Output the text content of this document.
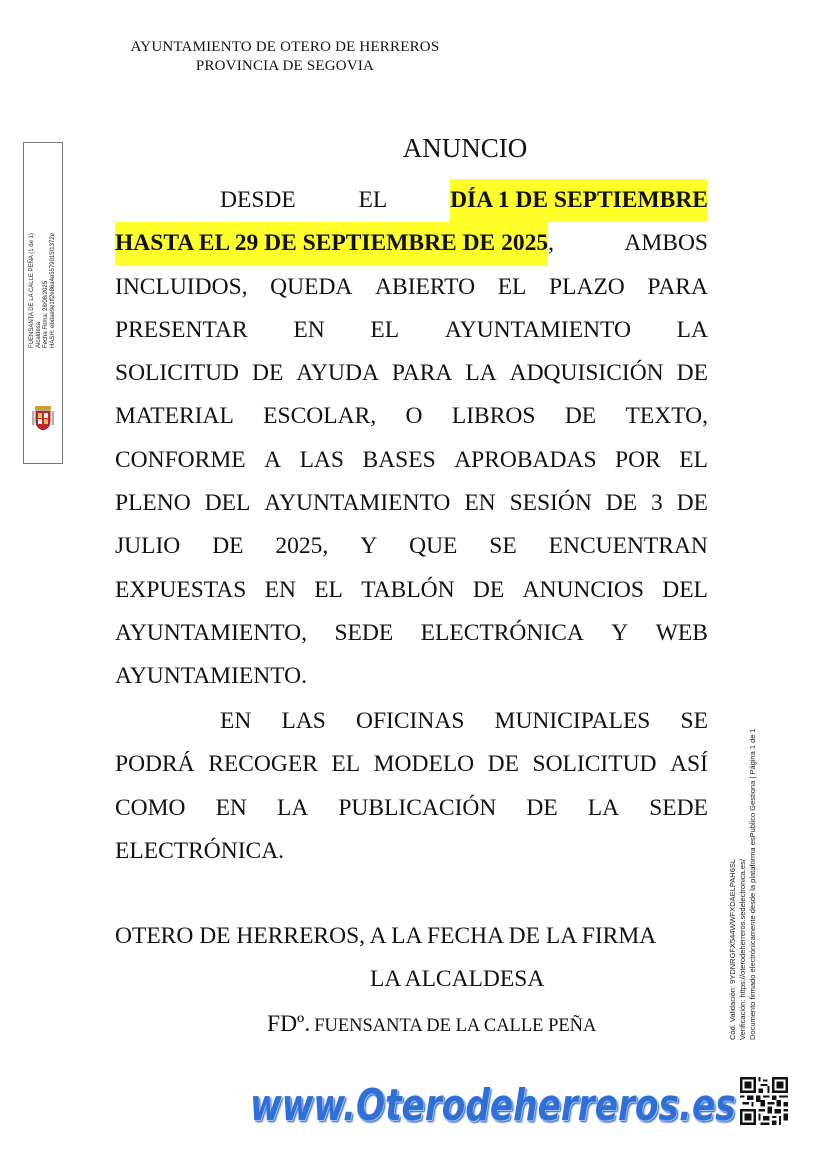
AYUNTAMIENTO DE OTERO DE HERREROS
PROVINCIA DE SEGOVIA
FUENSANTA DE LA CALLE PEÑA (1 de 1) Alcaldesa Fecha Firma: 28/08/2025 HASH: ebdae9e1ff2e86a4e5579015f1372e
ANUNCIO
DESDE	EL	DÍA 1 DE SEPTIEMBRE
HASTA EL 29 DE SEPTIEMBRE DE 2025,	AMBOS
INCLUIDOS, QUEDA ABIERTO EL PLAZO PARA
PRESENTAR EN EL AYUNTAMIENTO LA
SOLICITUD DE AYUDA PARA LA ADQUISICIÓN DE
MATERIAL ESCOLAR, O LIBROS DE TEXTO,
CONFORME A LAS BASES APROBADAS POR EL
PLENO DEL AYUNTAMIENTO EN SESIÓN DE 3 DE
JULIO DE 2025, Y QUE SE ENCUENTRAN
EXPUESTAS EN EL TABLÓN DE ANUNCIOS DEL
AYUNTAMIENTO, SEDE ELECTRÓNICA Y WEB
AYUNTAMIENTO.
EN LAS OFICINAS MUNICIPALES SE
PODRÁ RECOGER EL MODELO DE SOLICITUD ASÍ
COMO EN LA PUBLICACIÓN DE LA SEDE
ELECTRÓNICA.
OTERO DE HERREROS, A LA FECHA DE LA FIRMA
LA ALCALDESA
FDº. FUENSANTA DE LA CALLE PEÑA	Cód. Validación: 9YDNRGFX544WWFXDAELPAH6SL Verificación: https://oterodeherreros.sedelectronica.es/ Documento firmado electrónicamente desde la plataforma esPublico Gestiona | Página 1 de 1
www.Oterodeherreros.es
